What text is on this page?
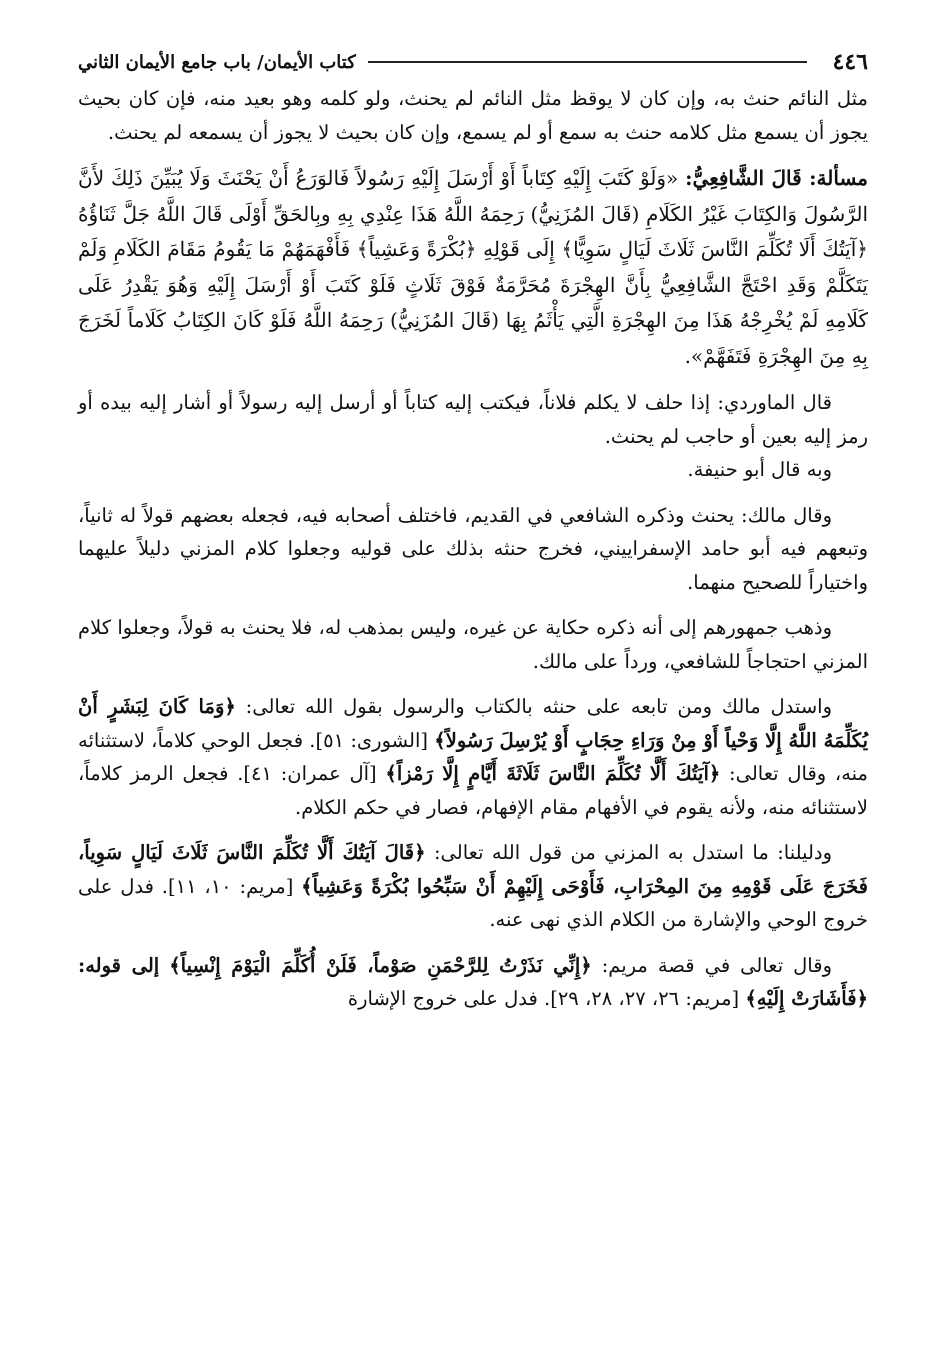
٤٤٦
كتاب الأيمان/ باب جامع الأيمان الثاني

مثل النائم حنث به، وإن كان لا يوقظ مثل النائم لم يحنث، ولو كلمه وهو بعيد منه، فإن كان بحيث يجوز أن يسمع مثل كلامه حنث به سمع أو لم يسمع، وإن كان بحيث لا يجوز أن يسمعه لم يحنث.

مسألة: قَالَ الشَّافِعِيُّ: «وَلَوْ كَتَبَ إِلَيْهِ كِتَاباً أَوْ أَرْسَلَ إِلَيْهِ رَسُولاً فَالوَرَعُ أَنْ يَحْنَثَ وَلَا يُبَيِّنَ ذَلِكَ لأَنَّ الرَّسُولَ وَالكِتَابَ غَيْرُ الكَلَامِ (قَالَ المُزَنِيُّ) رَحِمَهُ اللَّهُ هَذَا عِنْدِي بِهِ وبِالحَقِّ أَوْلَى قَالَ اللَّهُ جَلَّ ثَنَاؤُهُ ﴿آيَتُكَ أَلَا تُكَلِّمَ النَّاسَ ثَلَاثَ لَيَالٍ سَوِيًّا﴾ إِلَى قَوْلِهِ ﴿بُكْرَةً وَعَشِياً﴾ فَأَفْهَمَهُمْ مَا يَقُومُ مَقَامَ الكَلَامِ وَلَمْ يَتَكَلَّمْ وَقَدِ احْتَجَّ الشَّافِعِيُّ بِأَنَّ الهِجْرَةَ مُحَرَّمَةٌ فَوْقَ ثَلَاثٍ فَلَوْ كَتَبَ أَوْ أَرْسَلَ إِلَيْهِ وَهُوَ يَقْدِرُ عَلَى كَلَامِهِ لَمْ يُخْرِجْهُ هَذَا مِنَ الهِجْرَةِ الَّتِي يَأْثَمُ بِهَا (قَالَ المُزَنِيُّ) رَحِمَهُ اللَّهُ فَلَوْ كَانَ الكِتَابُ كَلَاماً لَخَرَجَ بِهِ مِنَ الهِجْرَةِ فَتَفَهَّمْ».

قال الماوردي: إذا حلف لا يكلم فلاناً، فيكتب إليه كتاباً أو أرسل إليه رسولاً أو أشار إليه بيده أو رمز إليه بعين أو حاجب لم يحنث.

وبه قال أبو حنيفة.

وقال مالك: يحنث وذكره الشافعي في القديم، فاختلف أصحابه فيه، فجعله بعضهم قولاً له ثانياً، وتبعهم فيه أبو حامد الإسفراييني، فخرج حنثه بذلك على قوليه وجعلوا كلام المزني دليلاً عليهما واختياراً للصحيح منهما.

وذهب جمهورهم إلى أنه ذكره حكاية عن غيره، وليس بمذهب له، فلا يحنث به قولاً، وجعلوا كلام المزني احتجاجاً للشافعي، ورداً على مالك.

واستدل مالك ومن تابعه على حنثه بالكتاب والرسول بقول الله تعالى: ﴿وَمَا كَانَ لِبَشَرٍ أَنْ يُكَلِّمَهُ اللَّهُ إِلَّا وَحْياً أَوْ مِنْ وَرَاءِ حِجَابٍ أَوْ يُرْسِلَ رَسُولاً﴾ [الشورى: ٥١]. فجعل الوحي كلاماً، لاستثنائه منه، وقال تعالى: ﴿آيَتُكَ أَلَّا تُكَلِّمَ النَّاسَ ثَلَاثَةَ أَيَّامٍ إِلَّا رَمْزاً﴾ [آل عمران: ٤١]. فجعل الرمز كلاماً، لاستثنائه منه، ولأنه يقوم في الأفهام مقام الإفهام، فصار في حكم الكلام.

ودليلنا: ما استدل به المزني من قول الله تعالى: ﴿قَالَ آيَتُكَ أَلَّا تُكَلِّمَ النَّاسَ ثَلَاثَ لَيَالٍ سَوِياً، فَخَرَجَ عَلَى قَوْمِهِ مِنَ المِحْرَابِ، فَأَوْحَى إِلَيْهِمْ أَنْ سَبِّحُوا بُكْرَةً وَعَشِياً﴾ [مريم: ١٠، ١١]. فدل على خروج الوحي والإشارة من الكلام الذي نهى عنه.

وقال تعالى في قصة مريم: ﴿إِنِّي نَذَرْتُ لِلرَّحْمَنِ صَوْماً، فَلَنْ أُكَلِّمَ الْيَوْمَ إِنْسِياً﴾ إلى قوله: ﴿فَأَشَارَتْ إِلَيْهِ﴾ [مريم: ٢٦، ٢٧، ٢٨، ٢٩]. فدل على خروج الإشارة
